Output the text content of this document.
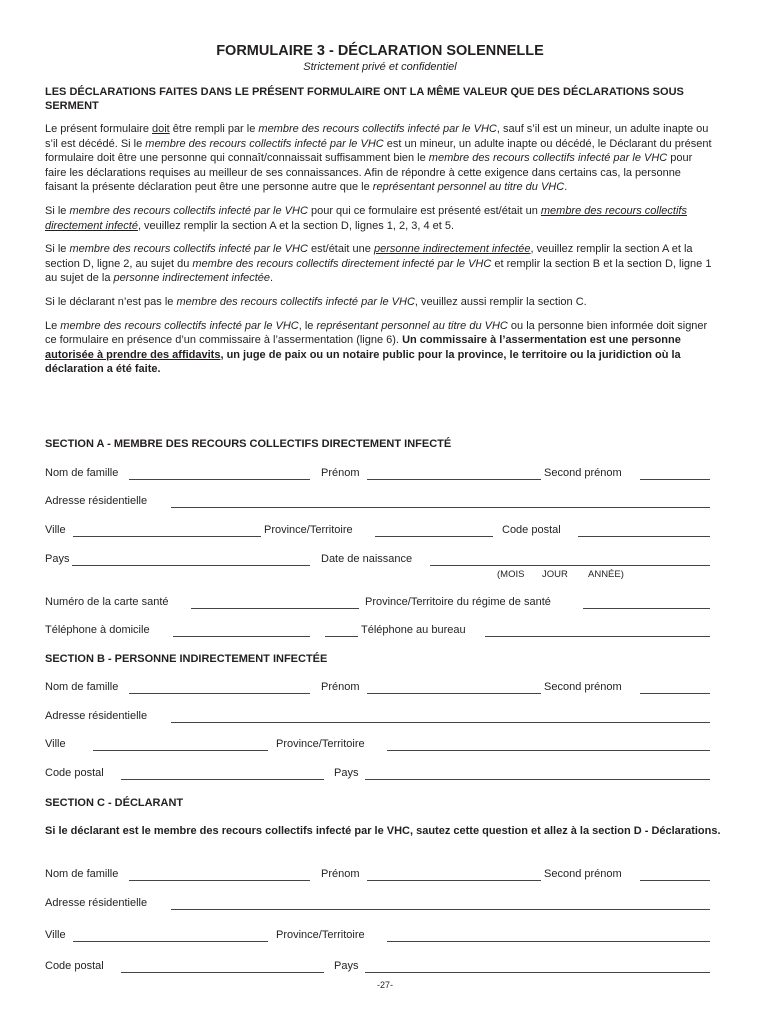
FORMULAIRE 3 - DÉCLARATION SOLENNELLE

Strictement privé et confidentiel

LES DÉCLARATIONS FAITES DANS LE PRÉSENT FORMULAIRE ONT LA MÊME VALEUR QUE DES DÉCLARATIONS SOUS SERMENT

Le présent formulaire doit être rempli par le membre des recours collectifs infecté par le VHC, sauf s’il est un mineur, un adulte inapte ou s’il est décédé. Si le membre des recours collectifs infecté par le VHC est un mineur, un adulte inapte ou décédé, le Déclarant du présent formulaire doit être une personne qui connaît/connaissait suffisamment bien le membre des recours collectifs infecté par le VHC pour faire les déclarations requises au meilleur de ses connaissances. Afin de répondre à cette exigence dans certains cas, la personne faisant la présente déclaration peut être une personne autre que le représentant personnel au titre du VHC.

Si le membre des recours collectifs infecté par le VHC pour qui ce formulaire est présenté est/était un membre des recours collectifs directement infecté, veuillez remplir la section A et la section D, lignes 1, 2, 3, 4 et 5.

Si le membre des recours collectifs infecté par le VHC est/était une personne indirectement infectée, veuillez remplir la section A et la section D, ligne 2, au sujet du membre des recours collectifs directement infecté par le VHC et remplir la section B et la section D, ligne 1 au sujet de la personne indirectement infectée.

Si le déclarant n’est pas le membre des recours collectifs infecté par le VHC, veuillez aussi remplir la section C.

Le membre des recours collectifs infecté par le VHC, le représentant personnel au titre du VHC ou la personne bien informée doit signer ce formulaire en présence d’un commissaire à l’assermentation (ligne 6). Un commissaire à l’assermentation est une personne autorisée à prendre des affidavits, un juge de paix ou un notaire public pour la province, le territoire ou la juridiction où la déclaration a été faite.

SECTION A - MEMBRE DES RECOURS COLLECTIFS DIRECTEMENT INFECTÉ

Nom de famille	Prénom	Second prénom
Adresse résidentielle
Ville	Province/Territoire	Code postal
Pays	Date de naissance
(MOIS JOUR ANNÉE)
Numéro de la carte santé	Province/Territoire du régime de santé
Téléphone à domicile	Téléphone au bureau

SECTION B - PERSONNE INDIRECTEMENT INFECTÉE

Nom de famille	Prénom	Second prénom
Adresse résidentielle
Ville	Province/Territoire
Code postal	Pays

SECTION C - DÉCLARANT

Si le déclarant est le membre des recours collectifs infecté par le VHC, sautez cette question et allez à la section D - Déclarations.

Nom de famille	Prénom	Second prénom
Adresse résidentielle
Ville	Province/Territoire
Code postal	Pays
-27-
